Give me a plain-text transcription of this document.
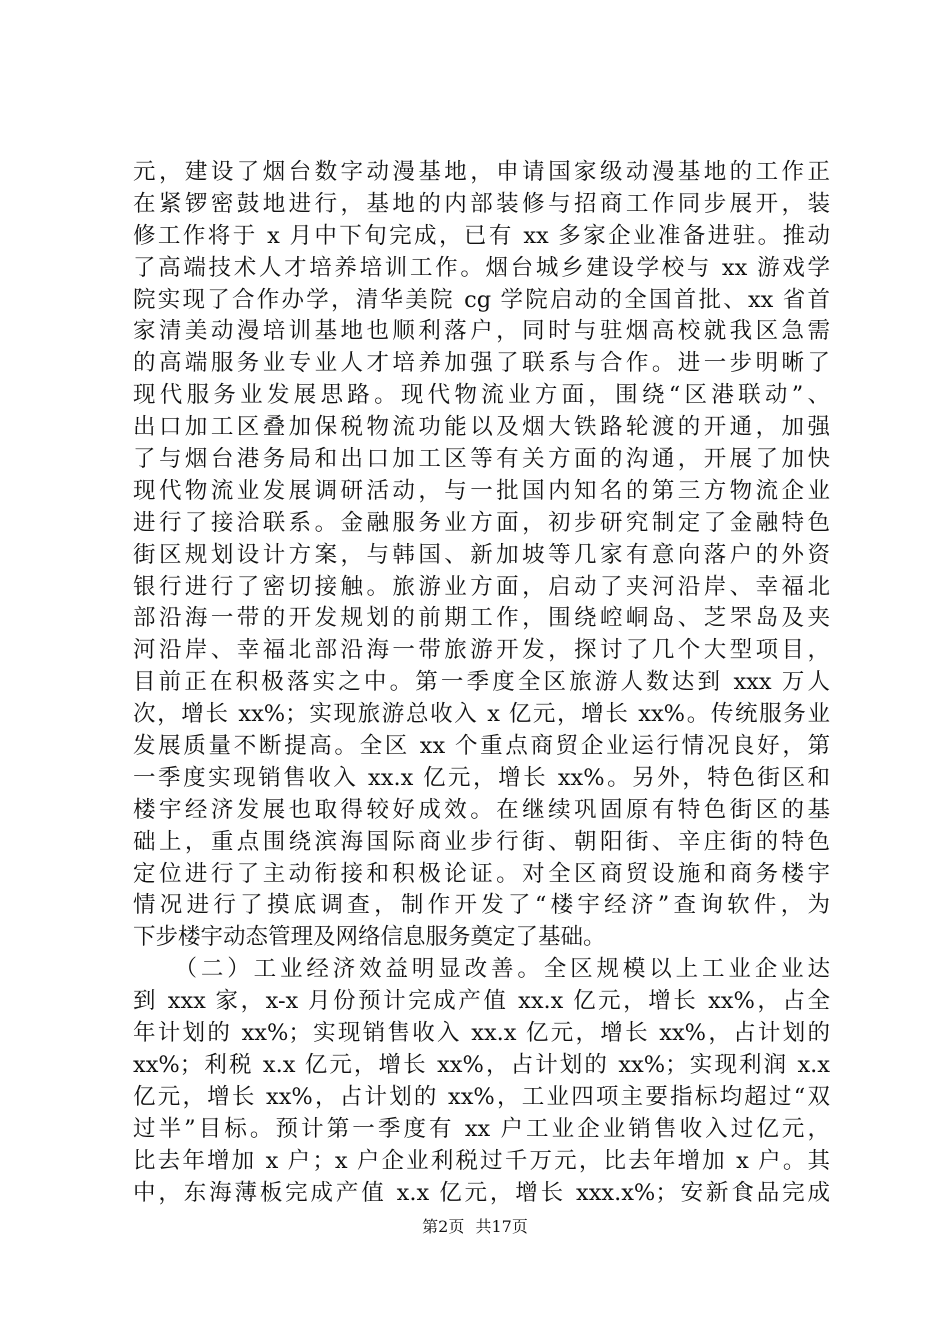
元，建设了烟台数字动漫基地，申请国家级动漫基地的工作正
在紧锣密鼓地进行，基地的内部装修与招商工作同步展开，装
修工作将于 x 月中下旬完成，已有 xx 多家企业准备进驻。推动
了高端技术人才培养培训工作。烟台城乡建设学校与 xx 游戏学
院实现了合作办学，清华美院 cg 学院启动的全国首批、xx 省首
家清美动漫培训基地也顺利落户，同时与驻烟高校就我区急需
的高端服务业专业人才培养加强了联系与合作。进一步明晰了
现代服务业发展思路。现代物流业方面，围绕“区港联动”、
出口加工区叠加保税物流功能以及烟大铁路轮渡的开通，加强
了与烟台港务局和出口加工区等有关方面的沟通，开展了加快
现代物流业发展调研活动，与一批国内知名的第三方物流企业
进行了接洽联系。金融服务业方面，初步研究制定了金融特色
街区规划设计方案，与韩国、新加坡等几家有意向落户的外资
银行进行了密切接触。旅游业方面，启动了夹河沿岸、幸福北
部沿海一带的开发规划的前期工作，围绕崆峒岛、芝罘岛及夹
河沿岸、幸福北部沿海一带旅游开发，探讨了几个大型项目，
目前正在积极落实之中。第一季度全区旅游人数达到 xxx 万人
次，增长 xx%；实现旅游总收入 x 亿元，增长 xx%。传统服务业
发展质量不断提高。全区 xx 个重点商贸企业运行情况良好，第
一季度实现销售收入 xx.x 亿元，增长 xx%。另外，特色街区和
楼宇经济发展也取得较好成效。在继续巩固原有特色街区的基
础上，重点围绕滨海国际商业步行街、朝阳街、辛庄街的特色
定位进行了主动衔接和积极论证。对全区商贸设施和商务楼宇
情况进行了摸底调查，制作开发了“楼宇经济”查询软件，为
下步楼宇动态管理及网络信息服务奠定了基础。
　　（二）工业经济效益明显改善。全区规模以上工业企业达
到 xxx 家，x-x 月份预计完成产值 xx.x 亿元，增长 xx%，占全
年计划的 xx%；实现销售收入 xx.x 亿元，增长 xx%，占计划的
xx%；利税 x.x 亿元，增长 xx%，占计划的 xx%；实现利润 x.x
亿元，增长 xx%，占计划的 xx%，工业四项主要指标均超过“双
过半”目标。预计第一季度有 xx 户工业企业销售收入过亿元，
比去年增加 x 户；x 户企业利税过千万元，比去年增加 x 户。其
中，东海薄板完成产值 x.x 亿元，增长 xxx.x%；安新食品完成
第2页 共17页
